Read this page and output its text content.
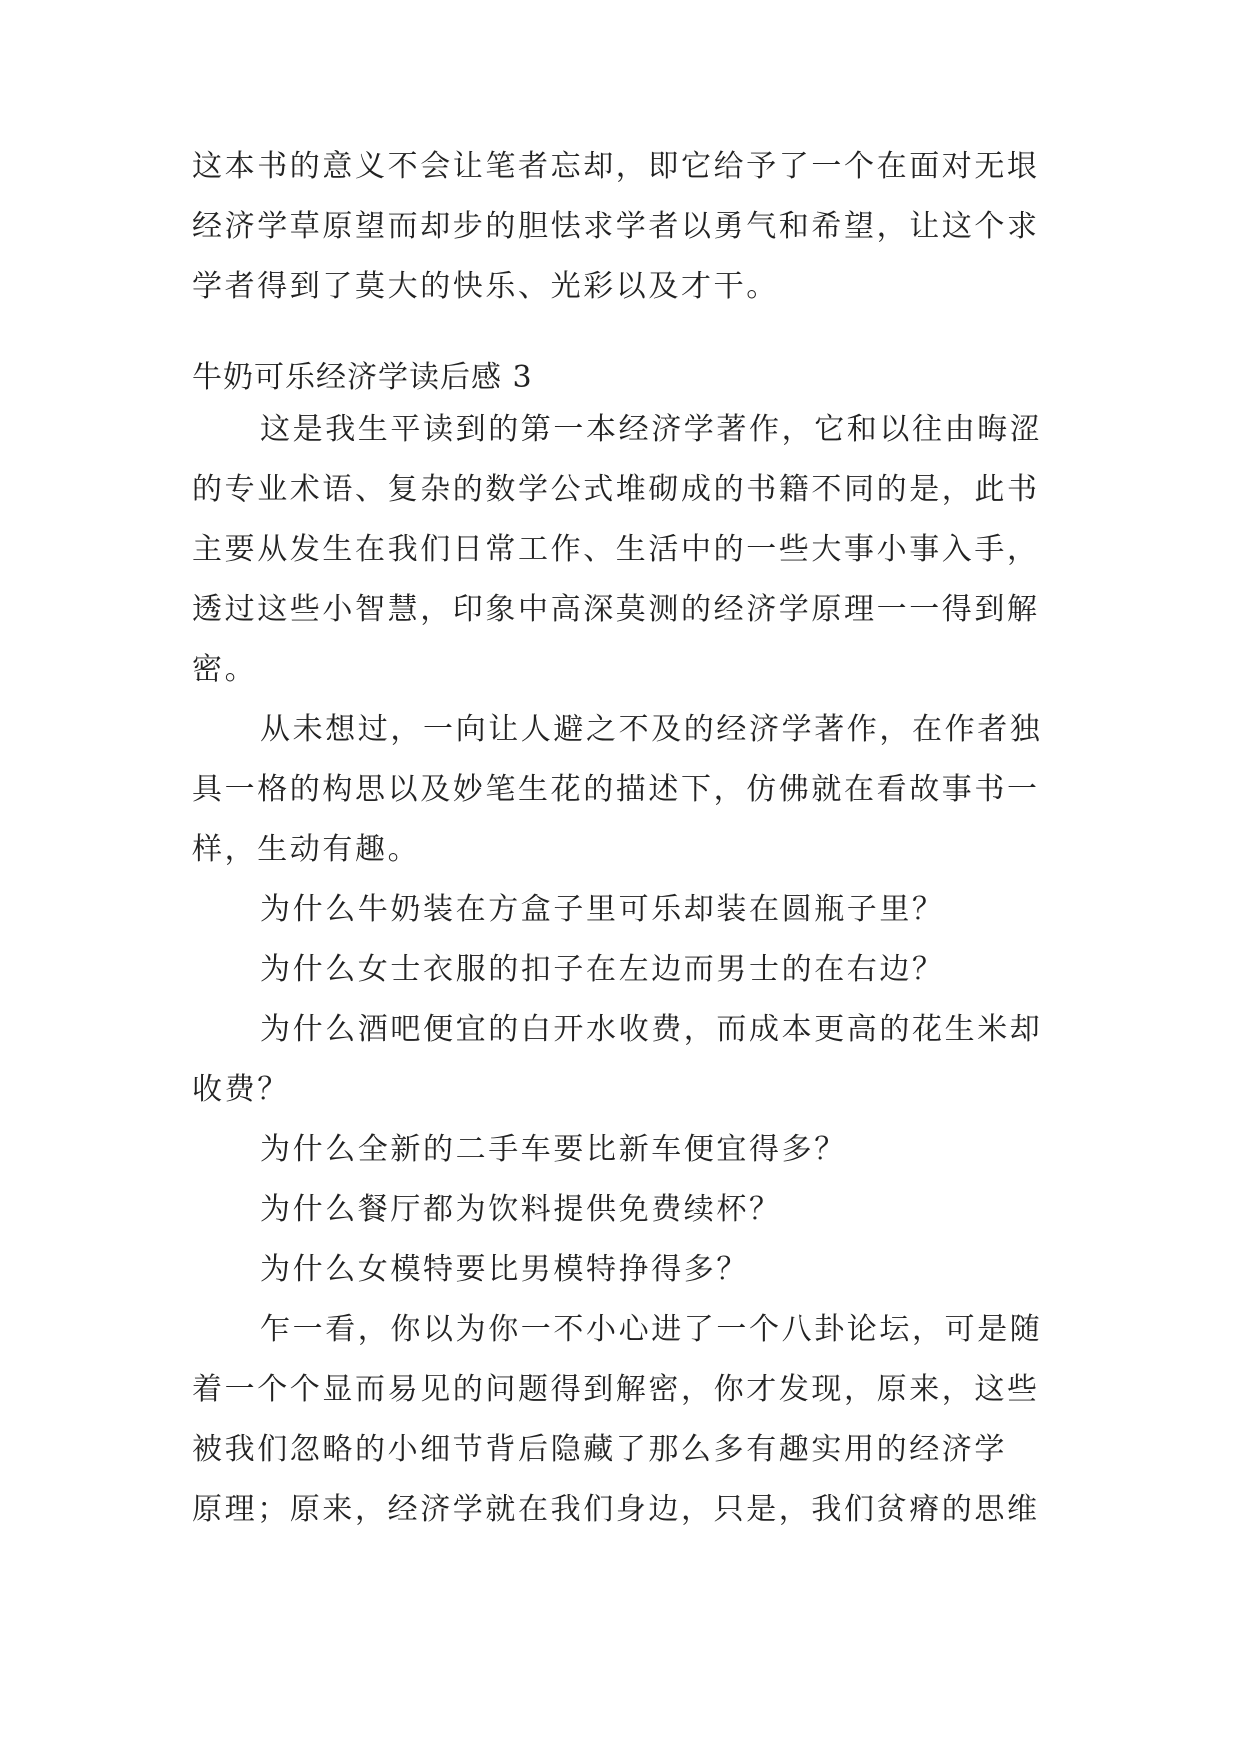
这本书的意义不会让笔者忘却，即它给予了一个在面对无垠
经济学草原望而却步的胆怯求学者以勇气和希望，让这个求
学者得到了莫大的快乐、光彩以及才干。
牛奶可乐经济学读后感 3
这是我生平读到的第一本经济学著作，它和以往由晦涩
的专业术语、复杂的数学公式堆砌成的书籍不同的是，此书
主要从发生在我们日常工作、生活中的一些大事小事入手，
透过这些小智慧，印象中高深莫测的经济学原理一一得到解
密。
从未想过，一向让人避之不及的经济学著作，在作者独
具一格的构思以及妙笔生花的描述下，仿佛就在看故事书一
样，生动有趣。
为什么牛奶装在方盒子里可乐却装在圆瓶子里？
为什么女士衣服的扣子在左边而男士的在右边？
为什么酒吧便宜的白开水收费，而成本更高的花生米却
收费？
为什么全新的二手车要比新车便宜得多？
为什么餐厅都为饮料提供免费续杯？
为什么女模特要比男模特挣得多？
乍一看，你以为你一不小心进了一个八卦论坛，可是随
着一个个显而易见的问题得到解密，你才发现，原来，这些
被我们忽略的小细节背后隐藏了那么多有趣实用的经济学
原理；原来，经济学就在我们身边，只是，我们贫瘠的思维
